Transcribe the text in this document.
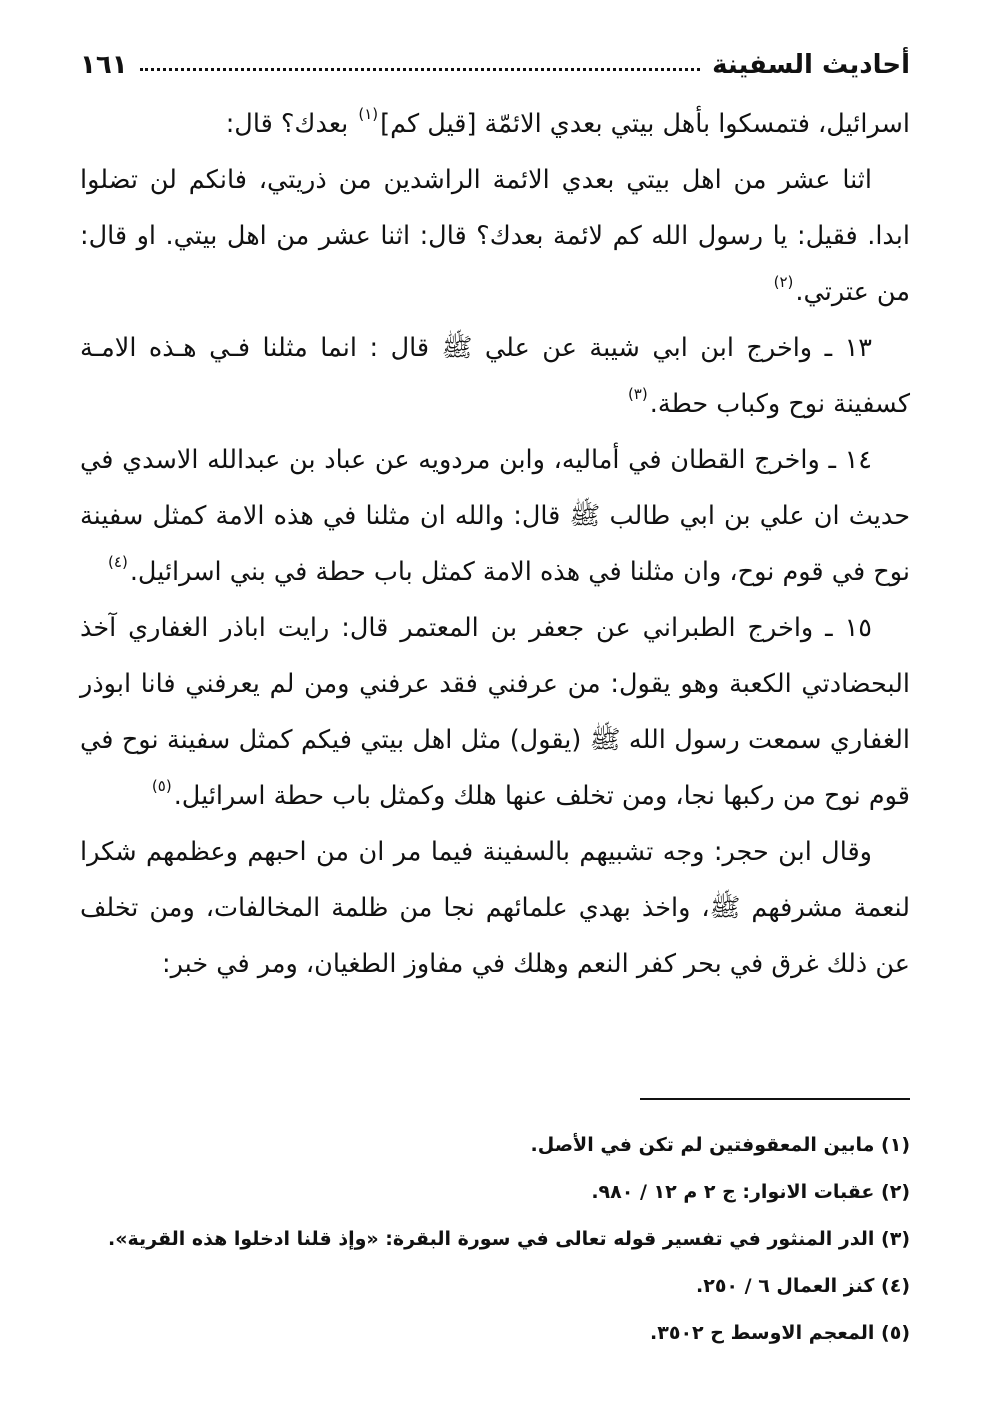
أحاديث السفينة
١٦١

اسرائيل، فتمسكوا بأهل بيتي بعدي الائمّة [قيل كم]$^{(١)}$ بعدك؟ قال:

اثنا عشر من اهل بيتي بعدي الائمة الراشدين من ذريتي، فانكم لن تضلوا ابدا. فقيل: يا رسول الله كم لائمة بعدك؟ قال: اثنا عشر من اهل بيتي. او قال: من عترتي.$^{(٢)}$

١٣ ـ واخرج ابن ابي شيبة عن علي ﷺ قال : انما مثلنا فـي هـذه الامـة كسفينة نوح وكباب حطة.$^{(٣)}$

١٤ ـ واخرج القطان في أماليه، وابن مردويه عن عباد بن عبدالله الاسدي في حديث ان علي بن ابي طالب ﷺ قال: والله ان مثلنا في هذه الامة كمثل سفينة نوح في قوم نوح، وان مثلنا في هذه الامة كمثل باب حطة في بني اسرائيل.$^{(٤)}$

١٥ ـ واخرج الطبراني عن جعفر بن المعتمر قال: رايت اباذر الغفاري آخذ البحضادتي الكعبة وهو يقول: من عرفني فقد عرفني ومن لم يعرفني فانا ابوذر الغفاري سمعت رسول الله ﷺ (يقول) مثل اهل بيتي فيكم كمثل سفينة نوح في قوم نوح من ركبها نجا، ومن تخلف عنها هلك وكمثل باب حطة اسرائيل.$^{(٥)}$

وقال ابن حجر: وجه تشبيهم بالسفينة فيما مر ان من احبهم وعظمهم شكرا لنعمة مشرفهم ﷺ، واخذ بهدي علمائهم نجا من ظلمة المخالفات، ومن تخلف عن ذلك غرق في بحر كفر النعم وهلك في مفاوز الطغيان، ومر في خبر:

(١) مابين المعقوفتين لم تكن في الأصل.

(٢) عقبات الانوار: ج ٢ م ١٢ / ٩٨٠.

(٣) الدر المنثور في تفسير قوله تعالى في سورة البقرة: «وإذ قلنا ادخلوا هذه القرية».

(٤) كنز العمال ٦ / ٢٥٠.

(٥) المعجم الاوسط ح ٣٥٠٢.
